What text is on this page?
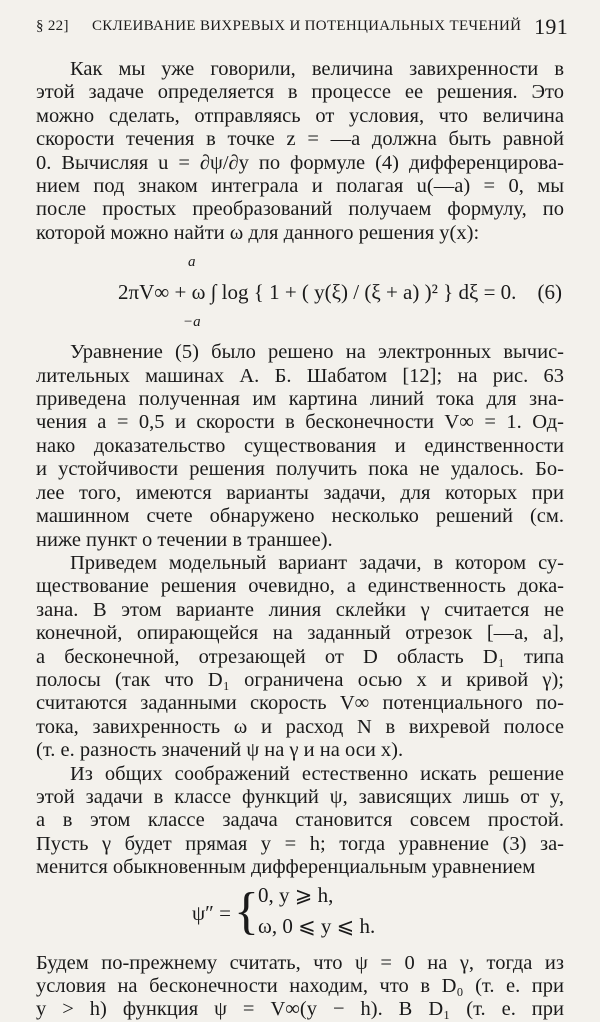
§ 22] СКЛЕИВАНИЕ ВИХРЕВЫХ И ПОТЕНЦИАЛЬНЫХ ТЕЧЕНИЙ 191

Как мы уже говорили, величина завихренности в

этой задаче определяется в процессе ее решения. Это

можно сделать, отправляясь от условия, что величина

скорости течения в точке z = —a должна быть равной

0. Вычисляя u = ∂ψ/∂y по формуле (4) дифференцирова-

нием под знаком интеграла и полагая u(—a) = 0, мы

после простых преобразований получаем формулу, по

которой можно найти ω для данного решения y(x):

a
2πV∞ + ω ∫ log { 1 + ( y(ξ) / (ξ + a) )² } dξ = 0.
−a
(6)

Уравнение (5) было решено на электронных вычис-

лительных машинах А. Б. Шабатом [12]; на рис. 63

приведена полученная им картина линий тока для зна-

чения a = 0,5 и скорости в бесконечности V∞ = 1. Од-

нако доказательство существования и единственности

и устойчивости решения получить пока не удалось. Бо-

лее того, имеются варианты задачи, для которых при

машинном счете обнаружено несколько решений (см.

ниже пункт о течении в траншее).

Приведем модельный вариант задачи, в котором су-

ществование решения очевидно, а единственность дока-

зана. В этом варианте линия склейки γ считается не

конечной, опирающейся на заданный отрезок [—a, a],

а бесконечной, отрезающей от D область D₁ типа

полосы (так что D₁ ограничена осью x и кривой γ);

считаются заданными скорость V∞ потенциального по-

тока, завихренность ω и расход N в вихревой полосе

(т. е. разность значений ψ на γ и на оси x).

Из общих соображений естественно искать решение

этой задачи в классе функций ψ, зависящих лишь от y,

а в этом классе задача становится совсем простой.

Пусть γ будет прямая y = h; тогда уравнение (3) за-

менится обыкновенным дифференциальным уравнением

ψ″ = { 0, y ⩾ h,
ω, 0 ⩽ y ⩽ h.

Будем по-прежнему считать, что ψ = 0 на γ, тогда из

условия на бесконечности находим, что в D₀ (т. е. при

y > h) функция ψ = V∞(y − h). В D₁ (т. е. при
